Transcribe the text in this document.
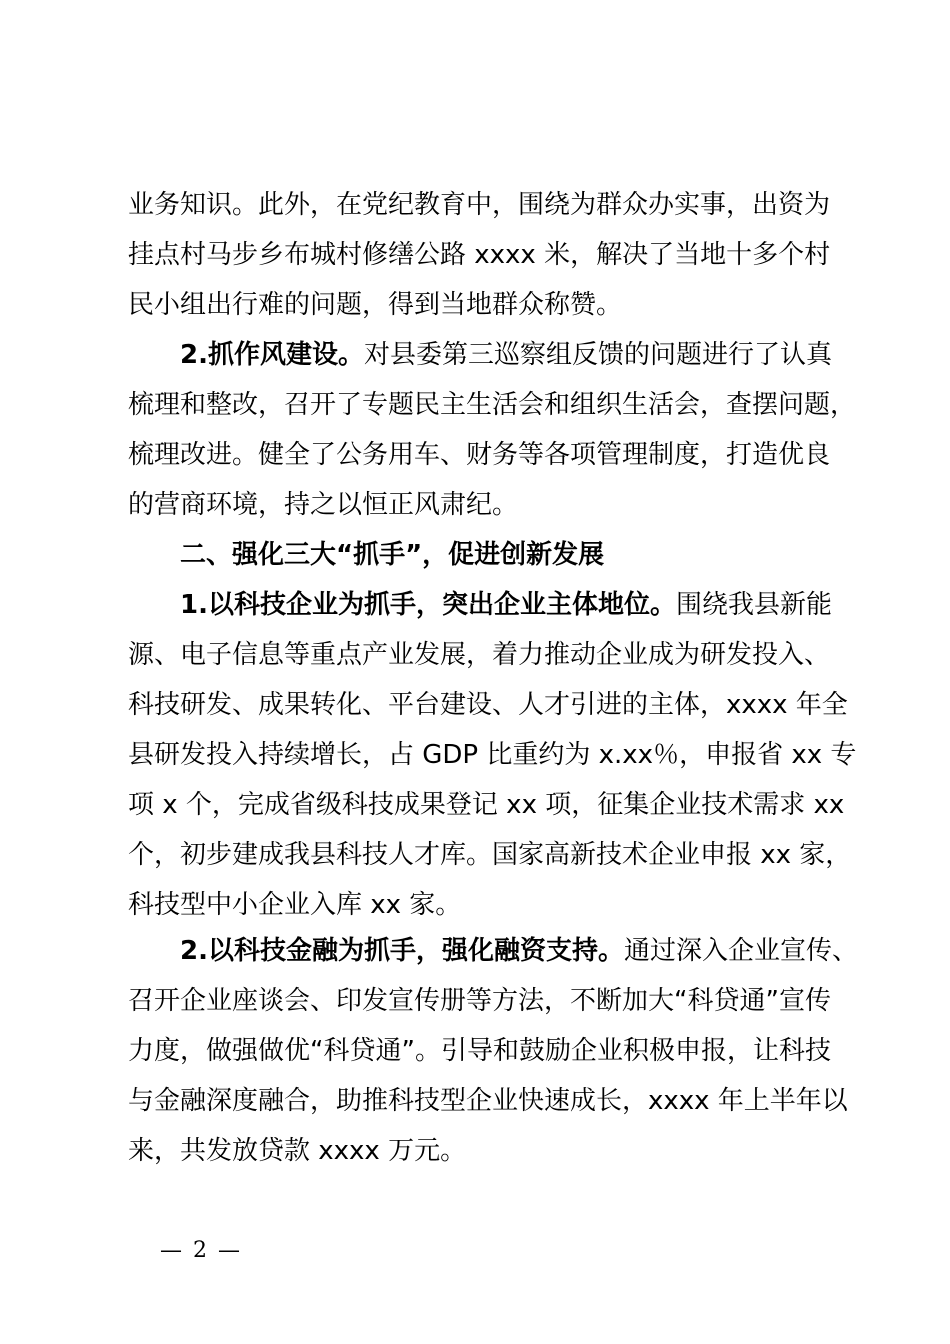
业务知识。此外，在党纪教育中，围绕为群众办实事，出资为
挂点村马步乡布城村修缮公路 xxxx 米，解决了当地十多个村
民小组出行难的问题，得到当地群众称赞。
2.抓作风建设。对县委第三巡察组反馈的问题进行了认真
梳理和整改，召开了专题民主生活会和组织生活会，查摆问题，
梳理改进。健全了公务用车、财务等各项管理制度，打造优良
的营商环境，持之以恒正风肃纪。
二、强化三大“抓手”，促进创新发展
1.以科技企业为抓手，突出企业主体地位。围绕我县新能
源、电子信息等重点产业发展，着力推动企业成为研发投入、
科技研发、成果转化、平台建设、人才引进的主体，xxxx 年全
县研发投入持续增长，占 GDP 比重约为 x.xx％，申报省 xx 专
项 x 个，完成省级科技成果登记 xx 项，征集企业技术需求 xx
个，初步建成我县科技人才库。国家高新技术企业申报 xx 家，
科技型中小企业入库 xx 家。
2.以科技金融为抓手，强化融资支持。通过深入企业宣传、
召开企业座谈会、印发宣传册等方法，不断加大“科贷通”宣传
力度，做强做优“科贷通”。引导和鼓励企业积极申报，让科技
与金融深度融合，助推科技型企业快速成长，xxxx 年上半年以
来，共发放贷款 xxxx 万元。
— 2 —
